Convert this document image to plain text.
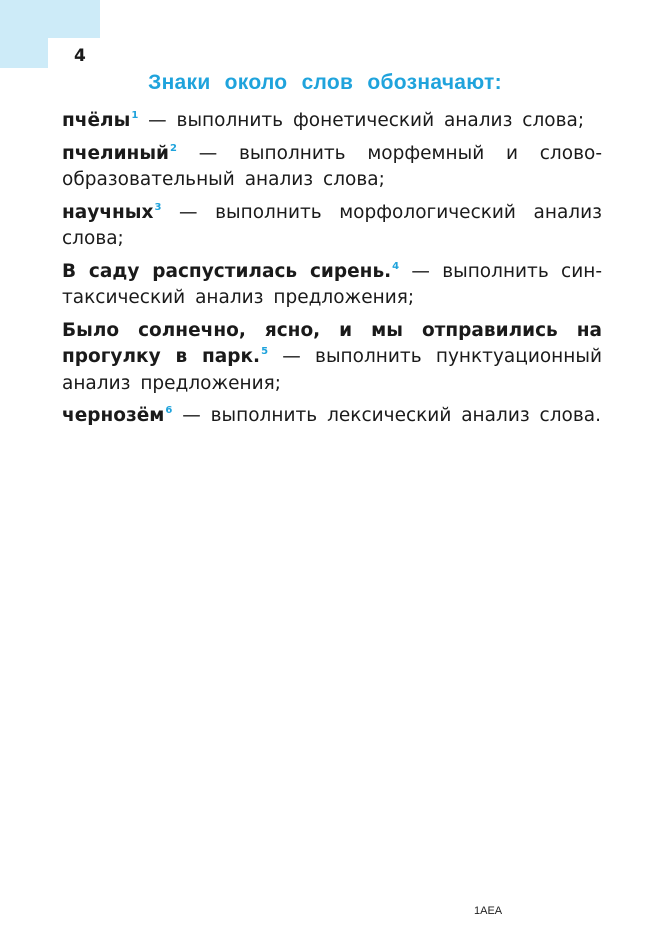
4
Знаки около слов обозначают:

пчёлы$^1$ — выполнить фонетический анализ слова;

пчелиный$^2$ — выполнить морфемный и словообразовательный анализ слова;

научных$^3$ — выполнить морфологический анализ слова;

В саду распустилась сирень.$^4$ — выполнить синтаксический анализ предложения;

Было солнечно, ясно, и мы отправились на прогулку в парк.$^5$ — выполнить пунктуационный анализ предложения;

чернозём$^6$ — выполнить лексический анализ слова.

1AEA
